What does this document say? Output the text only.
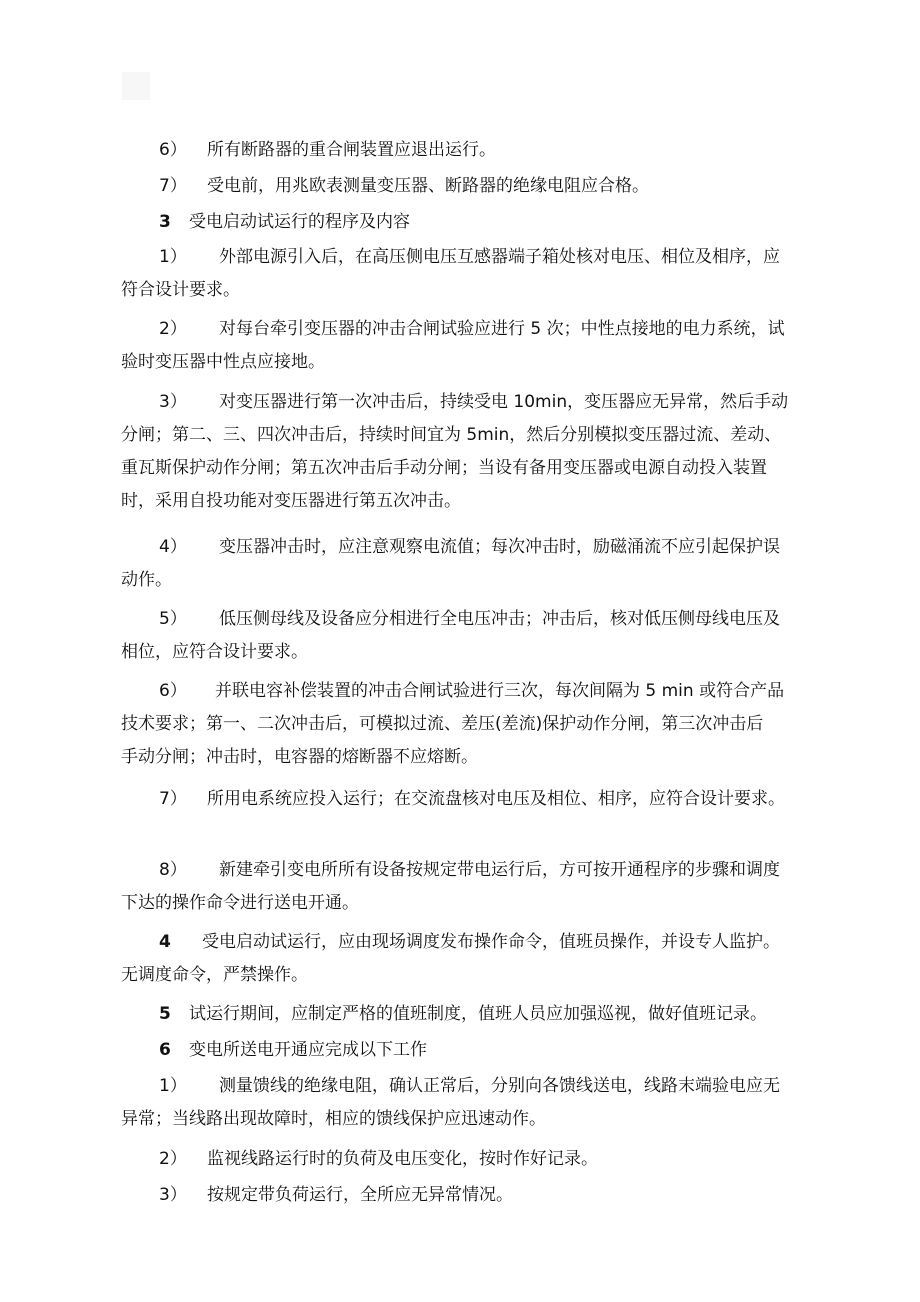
6） 所有断路器的重合闸装置应退出运行。
7） 受电前，用兆欧表测量变压器、断路器的绝缘电阻应合格。
3 受电启动试运行的程序及内容
1） 外部电源引入后，在高压侧电压互感器端子箱处核对电压、相位及相序，应
符合设计要求。
2） 对每台牵引变压器的冲击合闸试验应进行 5 次；中性点接地的电力系统，试
验时变压器中性点应接地。
3） 对变压器进行第一次冲击后，持续受电 10min，变压器应无异常，然后手动
分闸；第二、三、四次冲击后，持续时间宜为 5min，然后分别模拟变压器过流、差动、
重瓦斯保护动作分闸；第五次冲击后手动分闸；当设有备用变压器或电源自动投入装置
时，采用自投功能对变压器进行第五次冲击。
4） 变压器冲击时，应注意观察电流值；每次冲击时，励磁涌流不应引起保护误
动作。
5） 低压侧母线及设备应分相进行全电压冲击；冲击后，核对低压侧母线电压及
相位，应符合设计要求。
6） 并联电容补偿装置的冲击合闸试验进行三次，每次间隔为 5 min 或符合产品
技术要求；第一、二次冲击后，可模拟过流、差压(差流)保护动作分闸，第三次冲击后
手动分闸；冲击时，电容器的熔断器不应熔断。
7） 所用电系统应投入运行；在交流盘核对电压及相位、相序，应符合设计要求。
8） 新建牵引变电所所有设备按规定带电运行后，方可按开通程序的步骤和调度
下达的操作命令进行送电开通。
4 受电启动试运行，应由现场调度发布操作命令，值班员操作，并设专人监护。
无调度命令，严禁操作。
5 试运行期间，应制定严格的值班制度，值班人员应加强巡视，做好值班记录。
6 变电所送电开通应完成以下工作
1） 测量馈线的绝缘电阻，确认正常后，分别向各馈线送电，线路末端验电应无
异常；当线路出现故障时，相应的馈线保护应迅速动作。
2） 监视线路运行时的负荷及电压变化，按时作好记录。
3） 按规定带负荷运行，全所应无异常情况。
